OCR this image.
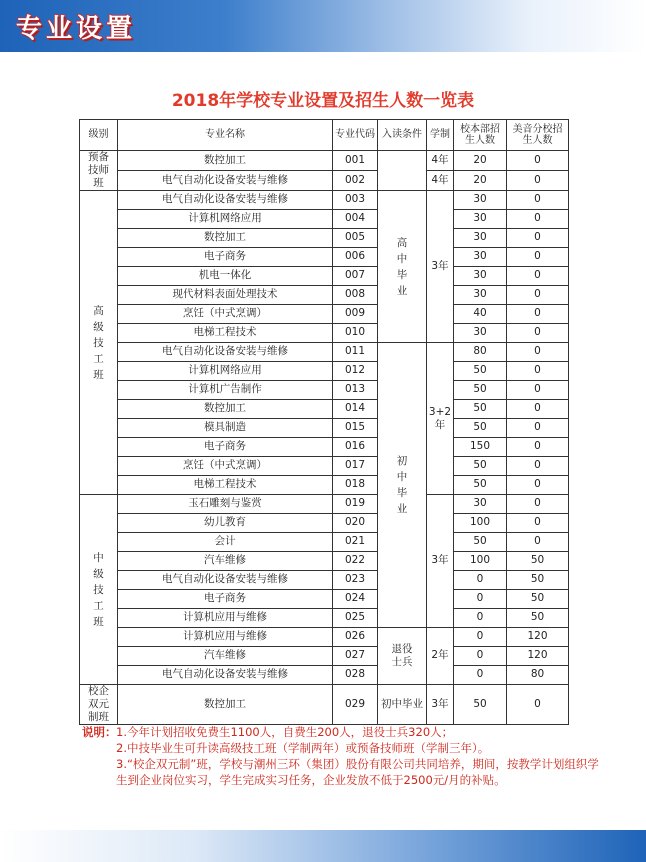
专业设置
2018年学校专业设置及招生人数一览表
级别	专业名称	专业代码	入读条件	学制	校本部招生人数	美音分校招生人数

预备技师班	数控加工	001		4年	20	0
	电气自动化设备安装与维修	002		4年	20	0

高级技工班	电气自动化设备安装与维修	003	高中毕业	3年	30	0
	计算机网络应用	004			30	0
	数控加工	005			30	0
	电子商务	006			30	0
	机电一体化	007			30	0
	现代材料表面处理技术	008			30	0
	烹饪（中式烹调）	009			40	0
	电梯工程技术	010			30	0
	电气自动化设备安装与维修	011	初中毕业	3+2年	80	0
	计算机网络应用	012			50	0
	计算机广告制作	013			50	0
	数控加工	014			50	0
	模具制造	015			50	0
	电子商务	016			150	0
	烹饪（中式烹调）	017			50	0
	电梯工程技术	018			50	0

中级技工班	玉石雕刻与鉴赏	019		3年	30	0
	幼儿教育	020			100	0
	会计	021			50	0
	汽车维修	022			100	50
	电气自动化设备安装与维修	023			0	50
	电子商务	024			0	50
	计算机应用与维修	025			0	50
	计算机应用与维修	026	退役士兵	2年	0	120
	汽车维修	027			0	120
	电气自动化设备安装与维修	028			0	80

校企双元制班	数控加工	029	初中毕业	3年	50	0
说明： 1.今年计划招收免费生1100人，自费生200人，退役士兵320人；
2.中技毕业生可升读高级技工班（学制两年）或预备技师班（学制三年）。
3.“校企双元制”班，学校与潮州三环（集团）股份有限公司共同培养，期间，按教学计划组织学生到企业岗位实习，学生完成实习任务，企业发放不低于2500元/月的补贴。
